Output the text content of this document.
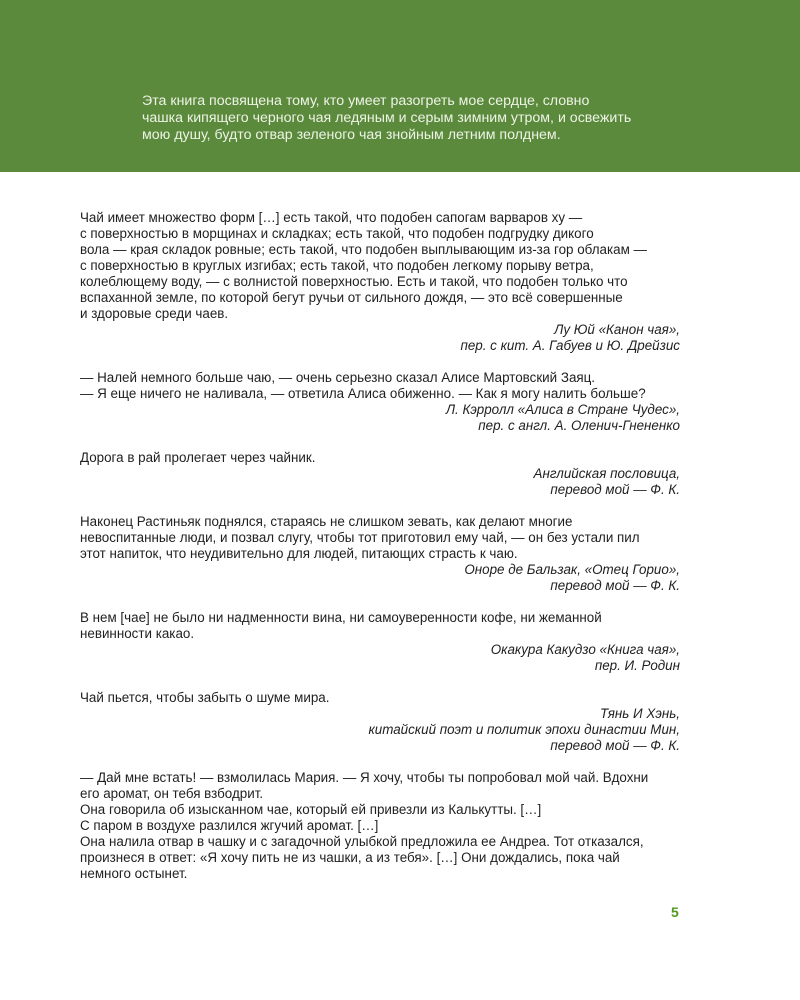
Эта книга посвящена тому, кто умеет разогреть мое сердце, словно
чашка кипящего черного чая ледяным и серым зимним утром, и освежить
мою душу, будто отвар зеленого чая знойным летним полднем.

Чай имеет множество форм […] есть такой, что подобен сапогам варваров ху —
с поверхностью в морщинах и складках; есть такой, что подобен подгрудку дикого
вола — края складок ровные; есть такой, что подобен выплывающим из-за гор облакам —
с поверхностью в круглых изгибах; есть такой, что подобен легкому порыву ветра,
колеблющему воду, — с волнистой поверхностью. Есть и такой, что подобен только что
вспаханной земле, по которой бегут ручьи от сильного дождя, — это всё совершенные
и здоровые среди чаев.
Лу Юй «Канон чая»,
пер. с кит. А. Габуев и Ю. Дрейзис
— Налей немного больше чаю, — очень серьезно сказал Алисе Мартовский Заяц.
— Я еще ничего не наливала, — ответила Алиса обиженно. — Как я могу налить больше?
Л. Кэрролл «Алиса в Стране Чудес»,
пер. с англ. А. Оленич-Гнененко
Дорога в рай пролегает через чайник.
Английская пословица,
перевод мой — Ф. К.
Наконец Растиньяк поднялся, стараясь не слишком зевать, как делают многие
невоспитанные люди, и позвал слугу, чтобы тот приготовил ему чай, — он без устали пил
этот напиток, что неудивительно для людей, питающих страсть к чаю.
Оноре де Бальзак, «Отец Горио»,
перевод мой — Ф. К.
В нем [чае] не было ни надменности вина, ни самоуверенности кофе, ни жеманной
невинности какао.
Окакура Какудзо «Книга чая»,
пер. И. Родин
Чай пьется, чтобы забыть о шуме мира.
Тянь И Хэнь,
китайский поэт и политик эпохи династии Мин,
перевод мой — Ф. К.
— Дай мне встать! — взмолилась Мария. — Я хочу, чтобы ты попробовал мой чай. Вдохни
его аромат, он тебя взбодрит.
Она говорила об изысканном чае, который ей привезли из Калькутты. […]
С паром в воздухе разлился жгучий аромат. […]
Она налила отвар в чашку и с загадочной улыбкой предложила ее Андреа. Тот отказался,
произнеся в ответ: «Я хочу пить не из чашки, а из тебя». […] Они дождались, пока чай
немного остынет.
5
